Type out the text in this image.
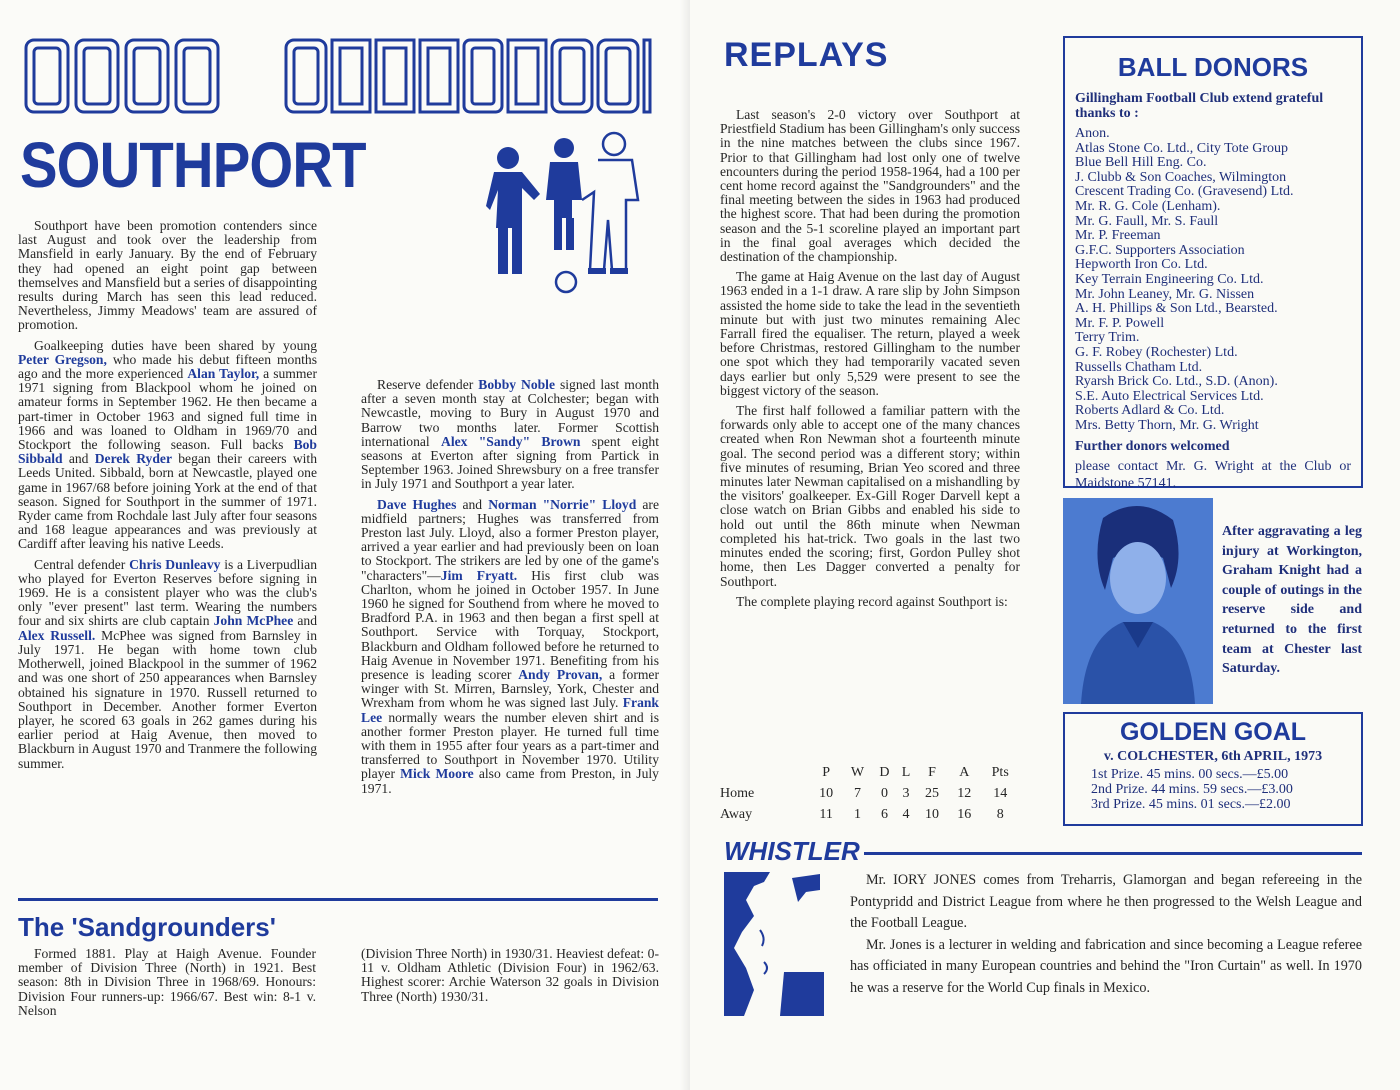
SOUTHPORT

Southport have been promotion contenders since last August and took over the leadership from Mansfield in early January. By the end of February they had opened an eight point gap between themselves and Mansfield but a series of disappointing results during March has seen this lead reduced. Nevertheless, Jimmy Meadows' team are assured of promotion.

Goalkeeping duties have been shared by young Peter Gregson, who made his debut fifteen months ago and the more experienced Alan Taylor, a summer 1971 signing from Blackpool whom he joined on amateur forms in September 1962. He then became a part-timer in October 1963 and signed full time in 1966 and was loaned to Oldham in 1969/70 and Stockport the following season. Full backs Bob Sibbald and Derek Ryder began their careers with Leeds United. Sibbald, born at Newcastle, played one game in 1967/68 before joining York at the end of that season. Signed for Southport in the summer of 1971. Ryder came from Rochdale last July after four seasons and 168 league appearances and was previously at Cardiff after leaving his native Leeds.

Central defender Chris Dunleavy is a Liverpudlian who played for Everton Reserves before signing in 1969. He is a consistent player who was the club's only "ever present" last term. Wearing the numbers four and six shirts are club captain John McPhee and Alex Russell. McPhee was signed from Barnsley in July 1971. He began with home town club Motherwell, joined Blackpool in the summer of 1962 and was one short of 250 appearances when Barnsley obtained his signature in 1970. Russell returned to Southport in December. Another former Everton player, he scored 63 goals in 262 games during his earlier period at Haig Avenue, then moved to Blackburn in August 1970 and Tranmere the following summer.

Reserve defender Bobby Noble signed last month after a seven month stay at Colchester; began with Newcastle, moving to Bury in August 1970 and Barrow two months later. Former Scottish international Alex "Sandy" Brown spent eight seasons at Everton after signing from Partick in September 1963. Joined Shrewsbury on a free transfer in July 1971 and Southport a year later.

Dave Hughes and Norman "Norrie" Lloyd are midfield partners; Hughes was transferred from Preston last July. Lloyd, also a former Preston player, arrived a year earlier and had previously been on loan to Stockport. The strikers are led by one of the game's "characters"—Jim Fryatt. His first club was Charlton, whom he joined in October 1957. In June 1960 he signed for Southend from where he moved to Bradford P.A. in 1963 and then began a first spell at Southport. Service with Torquay, Stockport, Blackburn and Oldham followed before he returned to Haig Avenue in November 1971. Benefiting from his presence is leading scorer Andy Provan, a former winger with St. Mirren, Barnsley, York, Chester and Wrexham from whom he was signed last July. Frank Lee normally wears the number eleven shirt and is another former Preston player. He turned full time with them in 1955 after four years as a part-timer and transferred to Southport in November 1970. Utility player Mick Moore also came from Preston, in July 1971.

The 'Sandgrounders'

Formed 1881. Play at Haigh Avenue. Founder member of Division Three (North) in 1921. Best season: 8th in Division Three in 1968/69. Honours: Division Four runners-up: 1966/67. Best win: 8-1 v. Nelson

(Division Three North) in 1930/31. Heaviest defeat: 0-11 v. Oldham Athletic (Division Four) in 1962/63. Highest scorer: Archie Waterson 32 goals in Division Three (North) 1930/31.

REPLAYS

Last season's 2-0 victory over Southport at Priestfield Stadium has been Gillingham's only success in the nine matches between the clubs since 1967. Prior to that Gillingham had lost only one of twelve encounters during the period 1958-1964, had a 100 per cent home record against the "Sandgrounders" and the final meeting between the sides in 1963 had produced the highest score. That had been during the promotion season and the 5-1 scoreline played an important part in the final goal averages which decided the destination of the championship.

The game at Haig Avenue on the last day of August 1963 ended in a 1-1 draw. A rare slip by John Simpson assisted the home side to take the lead in the seventieth minute but with just two minutes remaining Alec Farrall fired the equaliser. The return, played a week before Christmas, restored Gillingham to the number one spot which they had temporarily vacated seven days earlier but only 5,529 were present to see the biggest victory of the season.

The first half followed a familiar pattern with the forwards only able to accept one of the many chances created when Ron Newman shot a fourteenth minute goal. The second period was a different story; within five minutes of resuming, Brian Yeo scored and three minutes later Newman capitalised on a mishandling by the visitors' goalkeeper. Ex-Gill Roger Darvell kept a close watch on Brian Gibbs and enabled his side to hold out until the 86th minute when Newman completed his hat-trick. Two goals in the last two minutes ended the scoring; first, Gordon Pulley shot home, then Les Dagger converted a penalty for Southport.

The complete playing record against Southport is:

	P	W	D	L	F	A	Pts
Home	10	7	0	3	25	12	14
Away	11	1	6	4	10	16	8
BALL DONORS
Gillingham Football Club extend grateful thanks to :
Anon.
Atlas Stone Co. Ltd., City Tote Group
Blue Bell Hill Eng. Co.
J. Clubb & Son Coaches, Wilmington
Crescent Trading Co. (Gravesend) Ltd.
Mr. R. G. Cole (Lenham).
Mr. G. Faull, Mr. S. Faull
Mr. P. Freeman
G.F.C. Supporters Association
Hepworth Iron Co. Ltd.
Key Terrain Engineering Co. Ltd.
Mr. John Leaney, Mr. G. Nissen
A. H. Phillips & Son Ltd., Bearsted.
Mr. F. P. Powell
Terry Trim.
G. F. Robey (Rochester) Ltd.
Russells Chatham Ltd.
Ryarsh Brick Co. Ltd., S.D. (Anon).
S.E. Auto Electrical Services Ltd.
Roberts Adlard & Co. Ltd.
Mrs. Betty Thorn, Mr. G. Wright
Further donors welcomed
please contact Mr. G. Wright at the Club or Maidstone 57141.
After aggravating a leg injury at Workington, Graham Knight had a couple of outings in the reserve side and returned to the first team at Chester last Saturday.
GOLDEN GOAL
v. COLCHESTER, 6th APRIL, 1973
1st Prize. 45 mins. 00 secs.—£5.00
2nd Prize. 44 mins. 59 secs.—£3.00
3rd Prize. 45 mins. 01 secs.—£2.00
WHISTLER

Mr. IORY JONES comes from Treharris, Glamorgan and began refereeing in the Pontypridd and District League from where he then progressed to the Welsh League and the Football League.

Mr. Jones is a lecturer in welding and fabrication and since becoming a League referee has officiated in many European countries and behind the "Iron Curtain" as well. In 1970 he was a reserve for the World Cup finals in Mexico.
